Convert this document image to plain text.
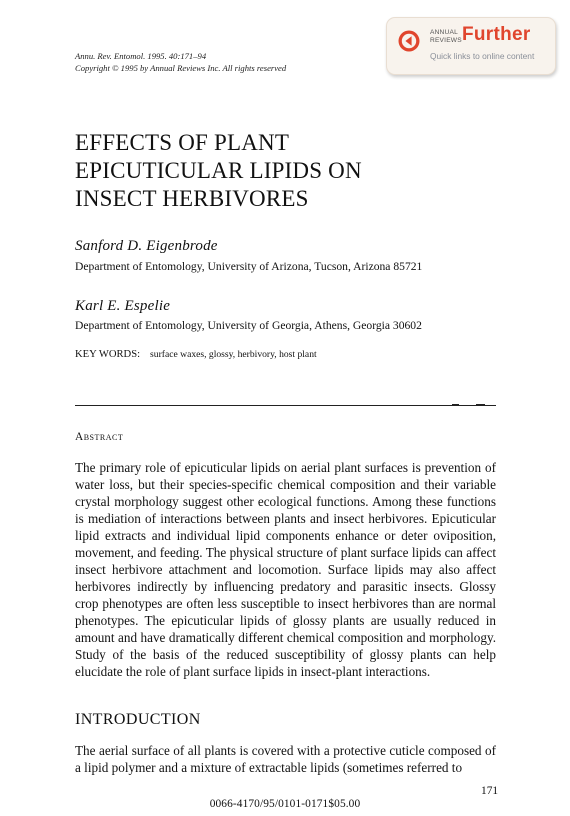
Annu. Rev. Entomol. 1995. 40:171–94
Copyright © 1995 by Annual Reviews Inc. All rights reserved
ANNUAL
REVIEWS Further
Quick links to online content
EFFECTS OF PLANT
EPICUTICULAR LIPIDS ON
INSECT HERBIVORES
Sanford D. Eigenbrode
Department of Entomology, University of Arizona, Tucson, Arizona 85721
Karl E. Espelie
Department of Entomology, University of Georgia, Athens, Georgia 30602
KEY WORDS: surface waxes, glossy, herbivory, host plant
Abstract
The primary role of epicuticular lipids on aerial plant surfaces is prevention of water loss, but their species-specific chemical composition and their variable crystal morphology suggest other ecological functions. Among these functions is mediation of interactions between plants and insect herbivores. Epicuticular lipid extracts and individual lipid components enhance or deter oviposition, movement, and feeding. The physical structure of plant surface lipids can affect insect herbivore attachment and locomotion. Surface lipids may also affect herbivores indirectly by influencing predatory and parasitic insects. Glossy crop phenotypes are often less susceptible to insect herbivores than are normal phenotypes. The epicuticular lipids of glossy plants are usually reduced in amount and have dramatically different chemical composition and morphology. Study of the basis of the reduced susceptibility of glossy plants can help elucidate the role of plant surface lipids in insect-plant interactions.
INTRODUCTION
The aerial surface of all plants is covered with a protective cuticle composed of a lipid polymer and a mixture of extractable lipids (sometimes referred to
171
0066-4170/95/0101-0171$05.00
